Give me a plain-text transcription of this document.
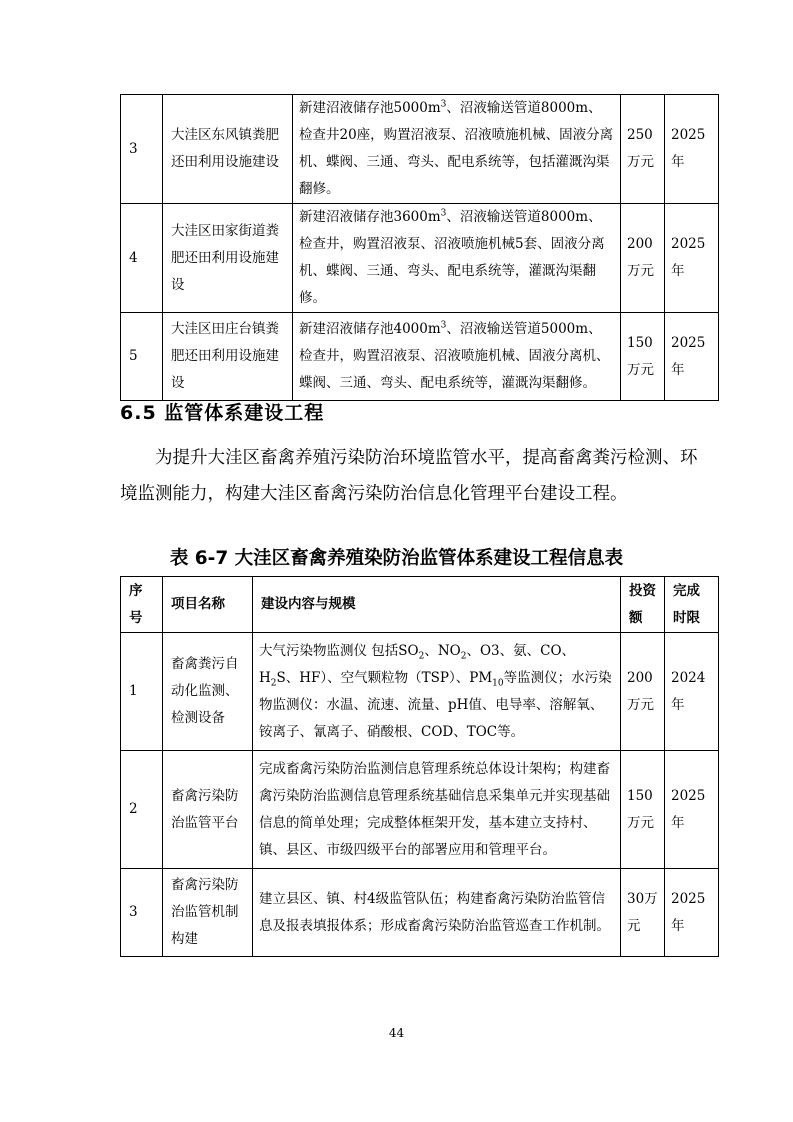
3	大洼区东风镇粪肥还田利用设施建设	新建沼液储存池$5000m^3$、沼液输送管道8000m、检查井20座，购置沼液泵、沼液喷施机械、固液分离机、蝶阀、三通、弯头、配电系统等，包括灌溉沟渠翻修。	250万元	2025年
4	大洼区田家街道粪肥还田利用设施建设	新建沼液储存池$3600m^3$、沼液输送管道8000m、检查井，购置沼液泵、沼液喷施机械5套、固液分离机、蝶阀、三通、弯头、配电系统等，灌溉沟渠翻修。	200万元	2025年
5	大洼区田庄台镇粪肥还田利用设施建设	新建沼液储存池$4000m^3$、沼液输送管道5000m、检查井，购置沼液泵、沼液喷施机械、固液分离机、蝶阀、三通、弯头、配电系统等，灌溉沟渠翻修。	150万元	2025年
6.5 监管体系建设工程

为提升大洼区畜禽养殖污染防治环境监管水平，提高畜禽粪污检测、环境监测能力，构建大洼区畜禽污染防治信息化管理平台建设工程。

表 6-7 大洼区畜禽养殖染防治监管体系建设工程信息表
序号	项目名称	建设内容与规模	投资额	完成时限
1	畜禽粪污自动化监测、检测设备	大气污染物监测仪 包括$SO_2$、$NO_2$、O3、氨、CO、$H_2S$、HF）、空气颗粒物（TSP）、$PM_{10}$等监测仪；水污染物监测仪：水温、流速、流量、pH值、电导率、溶解氧、铵离子、氰离子、硝酸根、COD、TOC等。	200万元	2024年
2	畜禽污染防治监管平台	完成畜禽污染防治监测信息管理系统总体设计架构；构建畜禽污染防治监测信息管理系统基础信息采集单元并实现基础信息的简单处理；完成整体框架开发，基本建立支持村、镇、县区、市级四级平台的部署应用和管理平台。	150万元	2025年
3	畜禽污染防治监管机制构建	建立县区、镇、村4级监管队伍；构建畜禽污染防治监管信息及报表填报体系；形成畜禽污染防治监管巡查工作机制。	30万元	2025年
44
